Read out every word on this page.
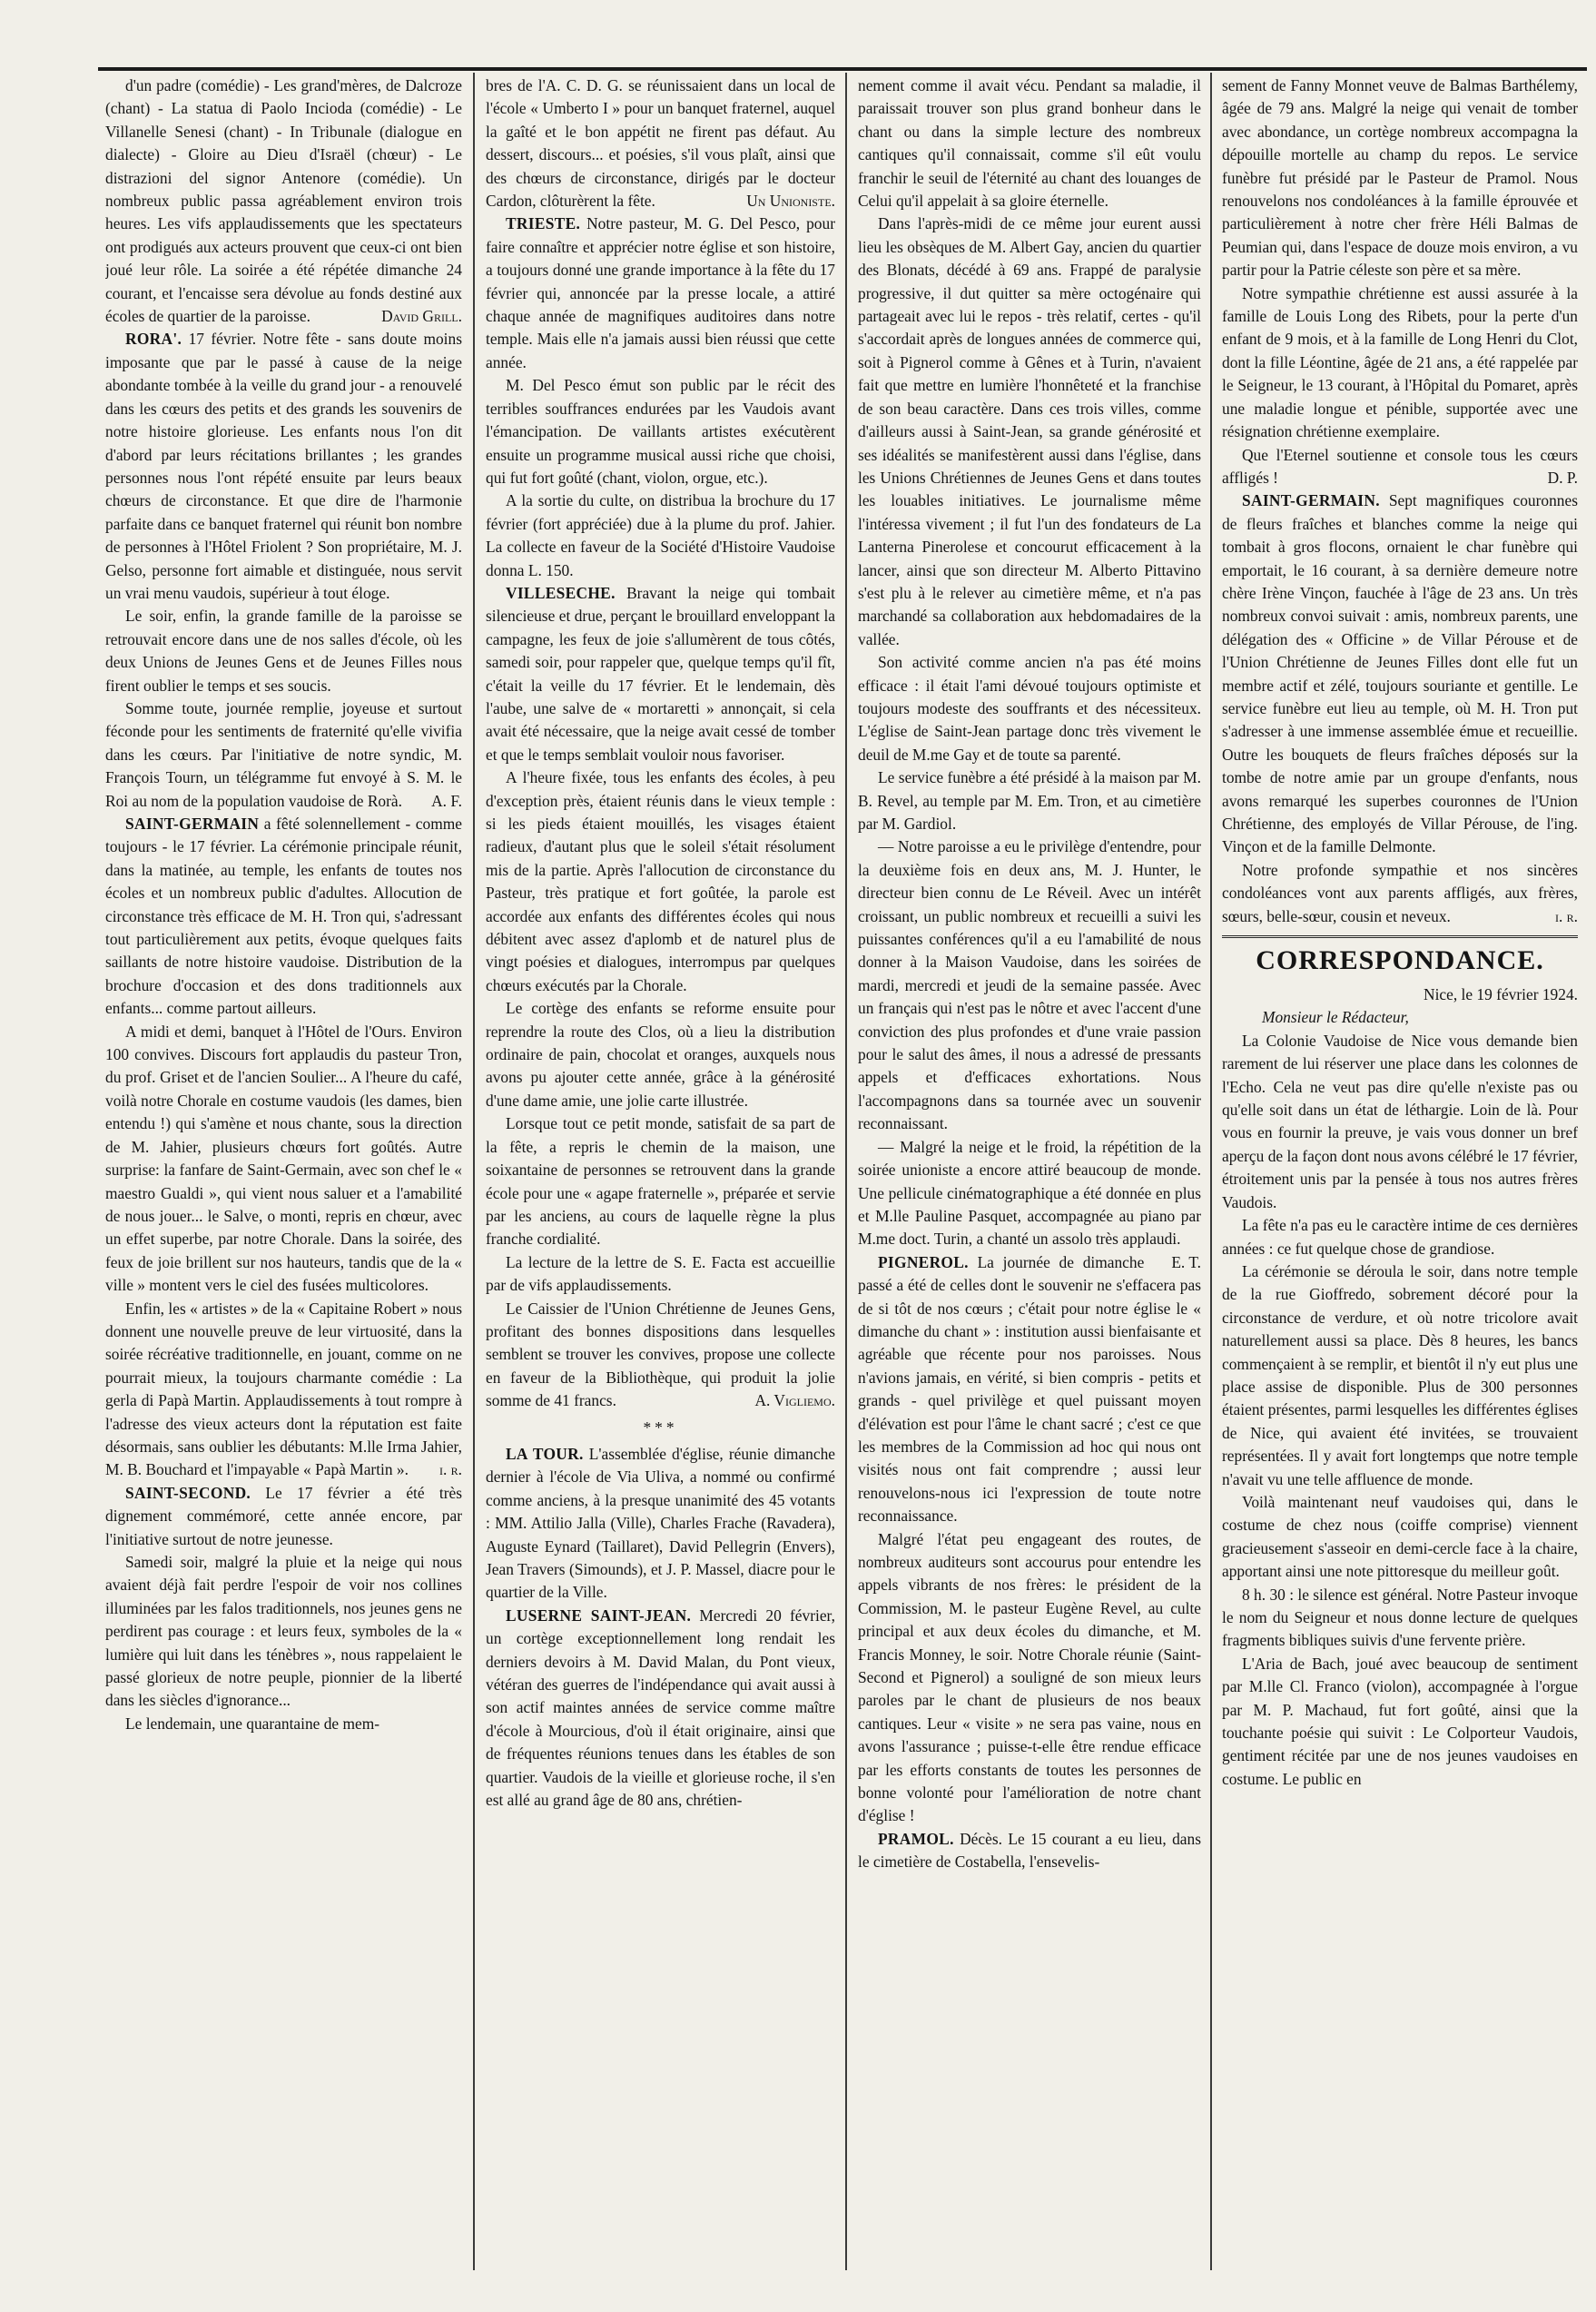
d'un padre (comédie) - Les grand'mères, de Dalcroze (chant) - La statua di Paolo Incioda (comédie) - Le Villanelle Senesi (chant) - In Tribunale (dialogue en dialecte) - Gloire au Dieu d'Israël (chœur) - Le distrazioni del signor Antenore (comédie). Un nombreux public passa agréablement environ trois heures. Les vifs applaudissements que les spectateurs ont prodigués aux acteurs prouvent que ceux-ci ont bien joué leur rôle. La soirée a été répétée dimanche 24 courant, et l'encaisse sera dévolue au fonds destiné aux écoles de quartier de la paroisse.	David Grill.

RORA'. 17 février. Notre fête - sans doute moins imposante que par le passé à cause de la neige abondante tombée à la veille du grand jour - a renouvelé dans les cœurs des petits et des grands les souvenirs de notre histoire glorieuse. Les enfants nous l'on dit d'abord par leurs récitations brillantes ; les grandes personnes nous l'ont répété ensuite par leurs beaux chœurs de circonstance. Et que dire de l'harmonie parfaite dans ce banquet fraternel qui réunit bon nombre de personnes à l'Hôtel Friolent ? Son propriétaire, M. J. Gelso, personne fort aimable et distinguée, nous servit un vrai menu vaudois, supérieur à tout éloge.

Le soir, enfin, la grande famille de la paroisse se retrouvait encore dans une de nos salles d'école, où les deux Unions de Jeunes Gens et de Jeunes Filles nous firent oublier le temps et ses soucis.

Somme toute, journée remplie, joyeuse et surtout féconde pour les sentiments de fraternité qu'elle vivifia dans les cœurs. Par l'initiative de notre syndic, M. François Tourn, un télégramme fut envoyé à S. M. le Roi au nom de la population vaudoise de Rorà.	A. F.

SAINT-GERMAIN a fêté solennellement - comme toujours - le 17 février. La cérémonie principale réunit, dans la matinée, au temple, les enfants de toutes nos écoles et un nombreux public d'adultes. Allocution de circonstance très efficace de M. H. Tron qui, s'adressant tout particulièrement aux petits, évoque quelques faits saillants de notre histoire vaudoise. Distribution de la brochure d'occasion et des dons traditionnels aux enfants... comme partout ailleurs.

A midi et demi, banquet à l'Hôtel de l'Ours. Environ 100 convives. Discours fort applaudis du pasteur Tron, du prof. Griset et de l'ancien Soulier... A l'heure du café, voilà notre Chorale en costume vaudois (les dames, bien entendu !) qui s'amène et nous chante, sous la direction de M. Jahier, plusieurs chœurs fort goûtés. Autre surprise: la fanfare de Saint-Germain, avec son chef le « maestro Gualdi », qui vient nous saluer et a l'amabilité de nous jouer... le Salve, o monti, repris en chœur, avec un effet superbe, par notre Chorale. Dans la soirée, des feux de joie brillent sur nos hauteurs, tandis que de la « ville » montent vers le ciel des fusées multicolores.

Enfin, les « artistes » de la « Capitaine Robert » nous donnent une nouvelle preuve de leur virtuosité, dans la soirée récréative traditionnelle, en jouant, comme on ne pourrait mieux, la toujours charmante comédie : La gerla di Papà Martin. Applaudissements à tout rompre à l'adresse des vieux acteurs dont la réputation est faite désormais, sans oublier les débutants: M.lle Irma Jahier, M. B. Bouchard et l'impayable « Papà Martin ».	i. r.

SAINT-SECOND. Le 17 février a été très dignement commémoré, cette année encore, par l'initiative surtout de notre jeunesse.

Samedi soir, malgré la pluie et la neige qui nous avaient déjà fait perdre l'espoir de voir nos collines illuminées par les falos traditionnels, nos jeunes gens ne perdirent pas courage : et leurs feux, symboles de la « lumière qui luit dans les ténèbres », nous rappelaient le passé glorieux de notre peuple, pionnier de la liberté dans les siècles d'ignorance...

Le lendemain, une quarantaine de mem-

bres de l'A. C. D. G. se réunissaient dans un local de l'école « Umberto I » pour un banquet fraternel, auquel la gaîté et le bon appétit ne firent pas défaut. Au dessert, discours... et poésies, s'il vous plaît, ainsi que des chœurs de circonstance, dirigés par le docteur Cardon, clôturèrent la fête.	Un Unioniste.

TRIESTE. Notre pasteur, M. G. Del Pesco, pour faire connaître et apprécier notre église et son histoire, a toujours donné une grande importance à la fête du 17 février qui, annoncée par la presse locale, a attiré chaque année de magnifiques auditoires dans notre temple. Mais elle n'a jamais aussi bien réussi que cette année.

M. Del Pesco émut son public par le récit des terribles souffrances endurées par les Vaudois avant l'émancipation. De vaillants artistes exécutèrent ensuite un programme musical aussi riche que choisi, qui fut fort goûté (chant, violon, orgue, etc.).

A la sortie du culte, on distribua la brochure du 17 février (fort appréciée) due à la plume du prof. Jahier. La collecte en faveur de la Société d'Histoire Vaudoise donna L. 150.

VILLESECHE. Bravant la neige qui tombait silencieuse et drue, perçant le brouillard enveloppant la campagne, les feux de joie s'allumèrent de tous côtés, samedi soir, pour rappeler que, quelque temps qu'il fît, c'était la veille du 17 février. Et le lendemain, dès l'aube, une salve de « mortaretti » annonçait, si cela avait été nécessaire, que la neige avait cessé de tomber et que le temps semblait vouloir nous favoriser.

A l'heure fixée, tous les enfants des écoles, à peu d'exception près, étaient réunis dans le vieux temple : si les pieds étaient mouillés, les visages étaient radieux, d'autant plus que le soleil s'était résolument mis de la partie. Après l'allocution de circonstance du Pasteur, très pratique et fort goûtée, la parole est accordée aux enfants des différentes écoles qui nous débitent avec assez d'aplomb et de naturel plus de vingt poésies et dialogues, interrompus par quelques chœurs exécutés par la Chorale.

Le cortège des enfants se reforme ensuite pour reprendre la route des Clos, où a lieu la distribution ordinaire de pain, chocolat et oranges, auxquels nous avons pu ajouter cette année, grâce à la générosité d'une dame amie, une jolie carte illustrée.

Lorsque tout ce petit monde, satisfait de sa part de la fête, a repris le chemin de la maison, une soixantaine de personnes se retrouvent dans la grande école pour une « agape fraternelle », préparée et servie par les anciens, au cours de laquelle règne la plus franche cordialité.

La lecture de la lettre de S. E. Facta est accueillie par de vifs applaudissements.

Le Caissier de l'Union Chrétienne de Jeunes Gens, profitant des bonnes dispositions dans lesquelles semblent se trouver les convives, propose une collecte en faveur de la Bibliothèque, qui produit la jolie somme de 41 francs.	A. Vigliemo.

***

LA TOUR. L'assemblée d'église, réunie dimanche dernier à l'école de Via Uliva, a nommé ou confirmé comme anciens, à la presque unanimité des 45 votants : MM. Attilio Jalla (Ville), Charles Frache (Ravadera), Auguste Eynard (Taillaret), David Pellegrin (Envers), Jean Travers (Simounds), et J. P. Massel, diacre pour le quartier de la Ville.

LUSERNE SAINT-JEAN. Mercredi 20 février, un cortège exceptionnellement long rendait les derniers devoirs à M. David Malan, du Pont vieux, vétéran des guerres de l'indépendance qui avait aussi à son actif maintes années de service comme maître d'école à Mourcious, d'où il était originaire, ainsi que de fréquentes réunions tenues dans les étables de son quartier. Vaudois de la vieille et glorieuse roche, il s'en est allé au grand âge de 80 ans, chrétien-

nement comme il avait vécu. Pendant sa maladie, il paraissait trouver son plus grand bonheur dans le chant ou dans la simple lecture des nombreux cantiques qu'il connaissait, comme s'il eût voulu franchir le seuil de l'éternité au chant des louanges de Celui qu'il appelait à sa gloire éternelle.

Dans l'après-midi de ce même jour eurent aussi lieu les obsèques de M. Albert Gay, ancien du quartier des Blonats, décédé à 69 ans. Frappé de paralysie progressive, il dut quitter sa mère octogénaire qui partageait avec lui le repos - très relatif, certes - qu'il s'accordait après de longues années de commerce qui, soit à Pignerol comme à Gênes et à Turin, n'avaient fait que mettre en lumière l'honnêteté et la franchise de son beau caractère. Dans ces trois villes, comme d'ailleurs aussi à Saint-Jean, sa grande générosité et ses idéalités se manifestèrent aussi dans l'église, dans les Unions Chrétiennes de Jeunes Gens et dans toutes les louables initiatives. Le journalisme même l'intéressa vivement ; il fut l'un des fondateurs de La Lanterna Pinerolese et concourut efficacement à la lancer, ainsi que son directeur M. Alberto Pittavino s'est plu à le relever au cimetière même, et n'a pas marchandé sa collaboration aux hebdomadaires de la vallée.

Son activité comme ancien n'a pas été moins efficace : il était l'ami dévoué toujours optimiste et toujours modeste des souffrants et des nécessiteux. L'église de Saint-Jean partage donc très vivement le deuil de M.me Gay et de toute sa parenté.

Le service funèbre a été présidé à la maison par M. B. Revel, au temple par M. Em. Tron, et au cimetière par M. Gardiol.

— Notre paroisse a eu le privilège d'entendre, pour la deuxième fois en deux ans, M. J. Hunter, le directeur bien connu de Le Réveil. Avec un intérêt croissant, un public nombreux et recueilli a suivi les puissantes conférences qu'il a eu l'amabilité de nous donner à la Maison Vaudoise, dans les soirées de mardi, mercredi et jeudi de la semaine passée. Avec un français qui n'est pas le nôtre et avec l'accent d'une conviction des plus profondes et d'une vraie passion pour le salut des âmes, il nous a adressé de pressants appels et d'efficaces exhortations. Nous l'accompagnons dans sa tournée avec un souvenir reconnaissant.

— Malgré la neige et le froid, la répétition de la soirée unioniste a encore attiré beaucoup de monde. Une pellicule cinématographique a été donnée en plus et M.lle Pauline Pasquet, accompagnée au piano par M.me doct. Turin, a chanté un assolo très applaudi.
E. T.

PIGNEROL. La journée de dimanche passé a été de celles dont le souvenir ne s'effacera pas de si tôt de nos cœurs ; c'était pour notre église le « dimanche du chant » : institution aussi bienfaisante et agréable que récente pour nos paroisses. Nous n'avions jamais, en vérité, si bien compris - petits et grands - quel privilège et quel puissant moyen d'élévation est pour l'âme le chant sacré ; c'est ce que les membres de la Commission ad hoc qui nous ont visités nous ont fait comprendre ; aussi leur renouvelons-nous ici l'expression de toute notre reconnaissance.

Malgré l'état peu engageant des routes, de nombreux auditeurs sont accourus pour entendre les appels vibrants de nos frères: le président de la Commission, M. le pasteur Eugène Revel, au culte principal et aux deux écoles du dimanche, et M. Francis Monney, le soir. Notre Chorale réunie (Saint-Second et Pignerol) a souligné de son mieux leurs paroles par le chant de plusieurs de nos beaux cantiques. Leur « visite » ne sera pas vaine, nous en avons l'assurance ; puisse-t-elle être rendue efficace par les efforts constants de toutes les personnes de bonne volonté pour l'amélioration de notre chant d'église !

PRAMOL. Décès. Le 15 courant a eu lieu, dans le cimetière de Costabella, l'ensevelis-

sement de Fanny Monnet veuve de Balmas Barthélemy, âgée de 79 ans. Malgré la neige qui venait de tomber avec abondance, un cortège nombreux accompagna la dépouille mortelle au champ du repos. Le service funèbre fut présidé par le Pasteur de Pramol. Nous renouvelons nos condoléances à la famille éprouvée et particulièrement à notre cher frère Héli Balmas de Peumian qui, dans l'espace de douze mois environ, a vu partir pour la Patrie céleste son père et sa mère.

Notre sympathie chrétienne est aussi assurée à la famille de Louis Long des Ribets, pour la perte d'un enfant de 9 mois, et à la famille de Long Henri du Clot, dont la fille Léontine, âgée de 21 ans, a été rappelée par le Seigneur, le 13 courant, à l'Hôpital du Pomaret, après une maladie longue et pénible, supportée avec une résignation chrétienne exemplaire.

Que l'Eternel soutienne et console tous les cœurs affligés !	D. P.

SAINT-GERMAIN. Sept magnifiques couronnes de fleurs fraîches et blanches comme la neige qui tombait à gros flocons, ornaient le char funèbre qui emportait, le 16 courant, à sa dernière demeure notre chère Irène Vinçon, fauchée à l'âge de 23 ans. Un très nombreux convoi suivait : amis, nombreux parents, une délégation des « Officine » de Villar Pérouse et de l'Union Chrétienne de Jeunes Filles dont elle fut un membre actif et zélé, toujours souriante et gentille. Le service funèbre eut lieu au temple, où M. H. Tron put s'adresser à une immense assemblée émue et recueillie. Outre les bouquets de fleurs fraîches déposés sur la tombe de notre amie par un groupe d'enfants, nous avons remarqué les superbes couronnes de l'Union Chrétienne, des employés de Villar Pérouse, de l'ing. Vinçon et de la famille Delmonte.

Notre profonde sympathie et nos sincères condoléances vont aux parents affligés, aux frères, sœurs, belle-sœur, cousin et neveux.	i. r.

CORRESPONDANCE.

Nice, le 19 février 1924.

Monsieur le Rédacteur,

La Colonie Vaudoise de Nice vous demande bien rarement de lui réserver une place dans les colonnes de l'Echo. Cela ne veut pas dire qu'elle n'existe pas ou qu'elle soit dans un état de léthargie. Loin de là. Pour vous en fournir la preuve, je vais vous donner un bref aperçu de la façon dont nous avons célébré le 17 février, étroitement unis par la pensée à tous nos autres frères Vaudois.

La fête n'a pas eu le caractère intime de ces dernières années : ce fut quelque chose de grandiose.

La cérémonie se déroula le soir, dans notre temple de la rue Gioffredo, sobrement décoré pour la circonstance de verdure, et où notre tricolore avait naturellement aussi sa place. Dès 8 heures, les bancs commençaient à se remplir, et bientôt il n'y eut plus une place assise de disponible. Plus de 300 personnes étaient présentes, parmi lesquelles les différentes églises de Nice, qui avaient été invitées, se trouvaient représentées. Il y avait fort longtemps que notre temple n'avait vu une telle affluence de monde.

Voilà maintenant neuf vaudoises qui, dans le costume de chez nous (coiffe comprise) viennent gracieusement s'asseoir en demi-cercle face à la chaire, apportant ainsi une note pittoresque du meilleur goût.

8 h. 30 : le silence est général. Notre Pasteur invoque le nom du Seigneur et nous donne lecture de quelques fragments bibliques suivis d'une fervente prière.

L'Aria de Bach, joué avec beaucoup de sentiment par M.lle Cl. Franco (violon), accompagnée à l'orgue par M. P. Machaud, fut fort goûté, ainsi que la touchante poésie qui suivit : Le Colporteur Vaudois, gentiment récitée par une de nos jeunes vaudoises en costume. Le public en
